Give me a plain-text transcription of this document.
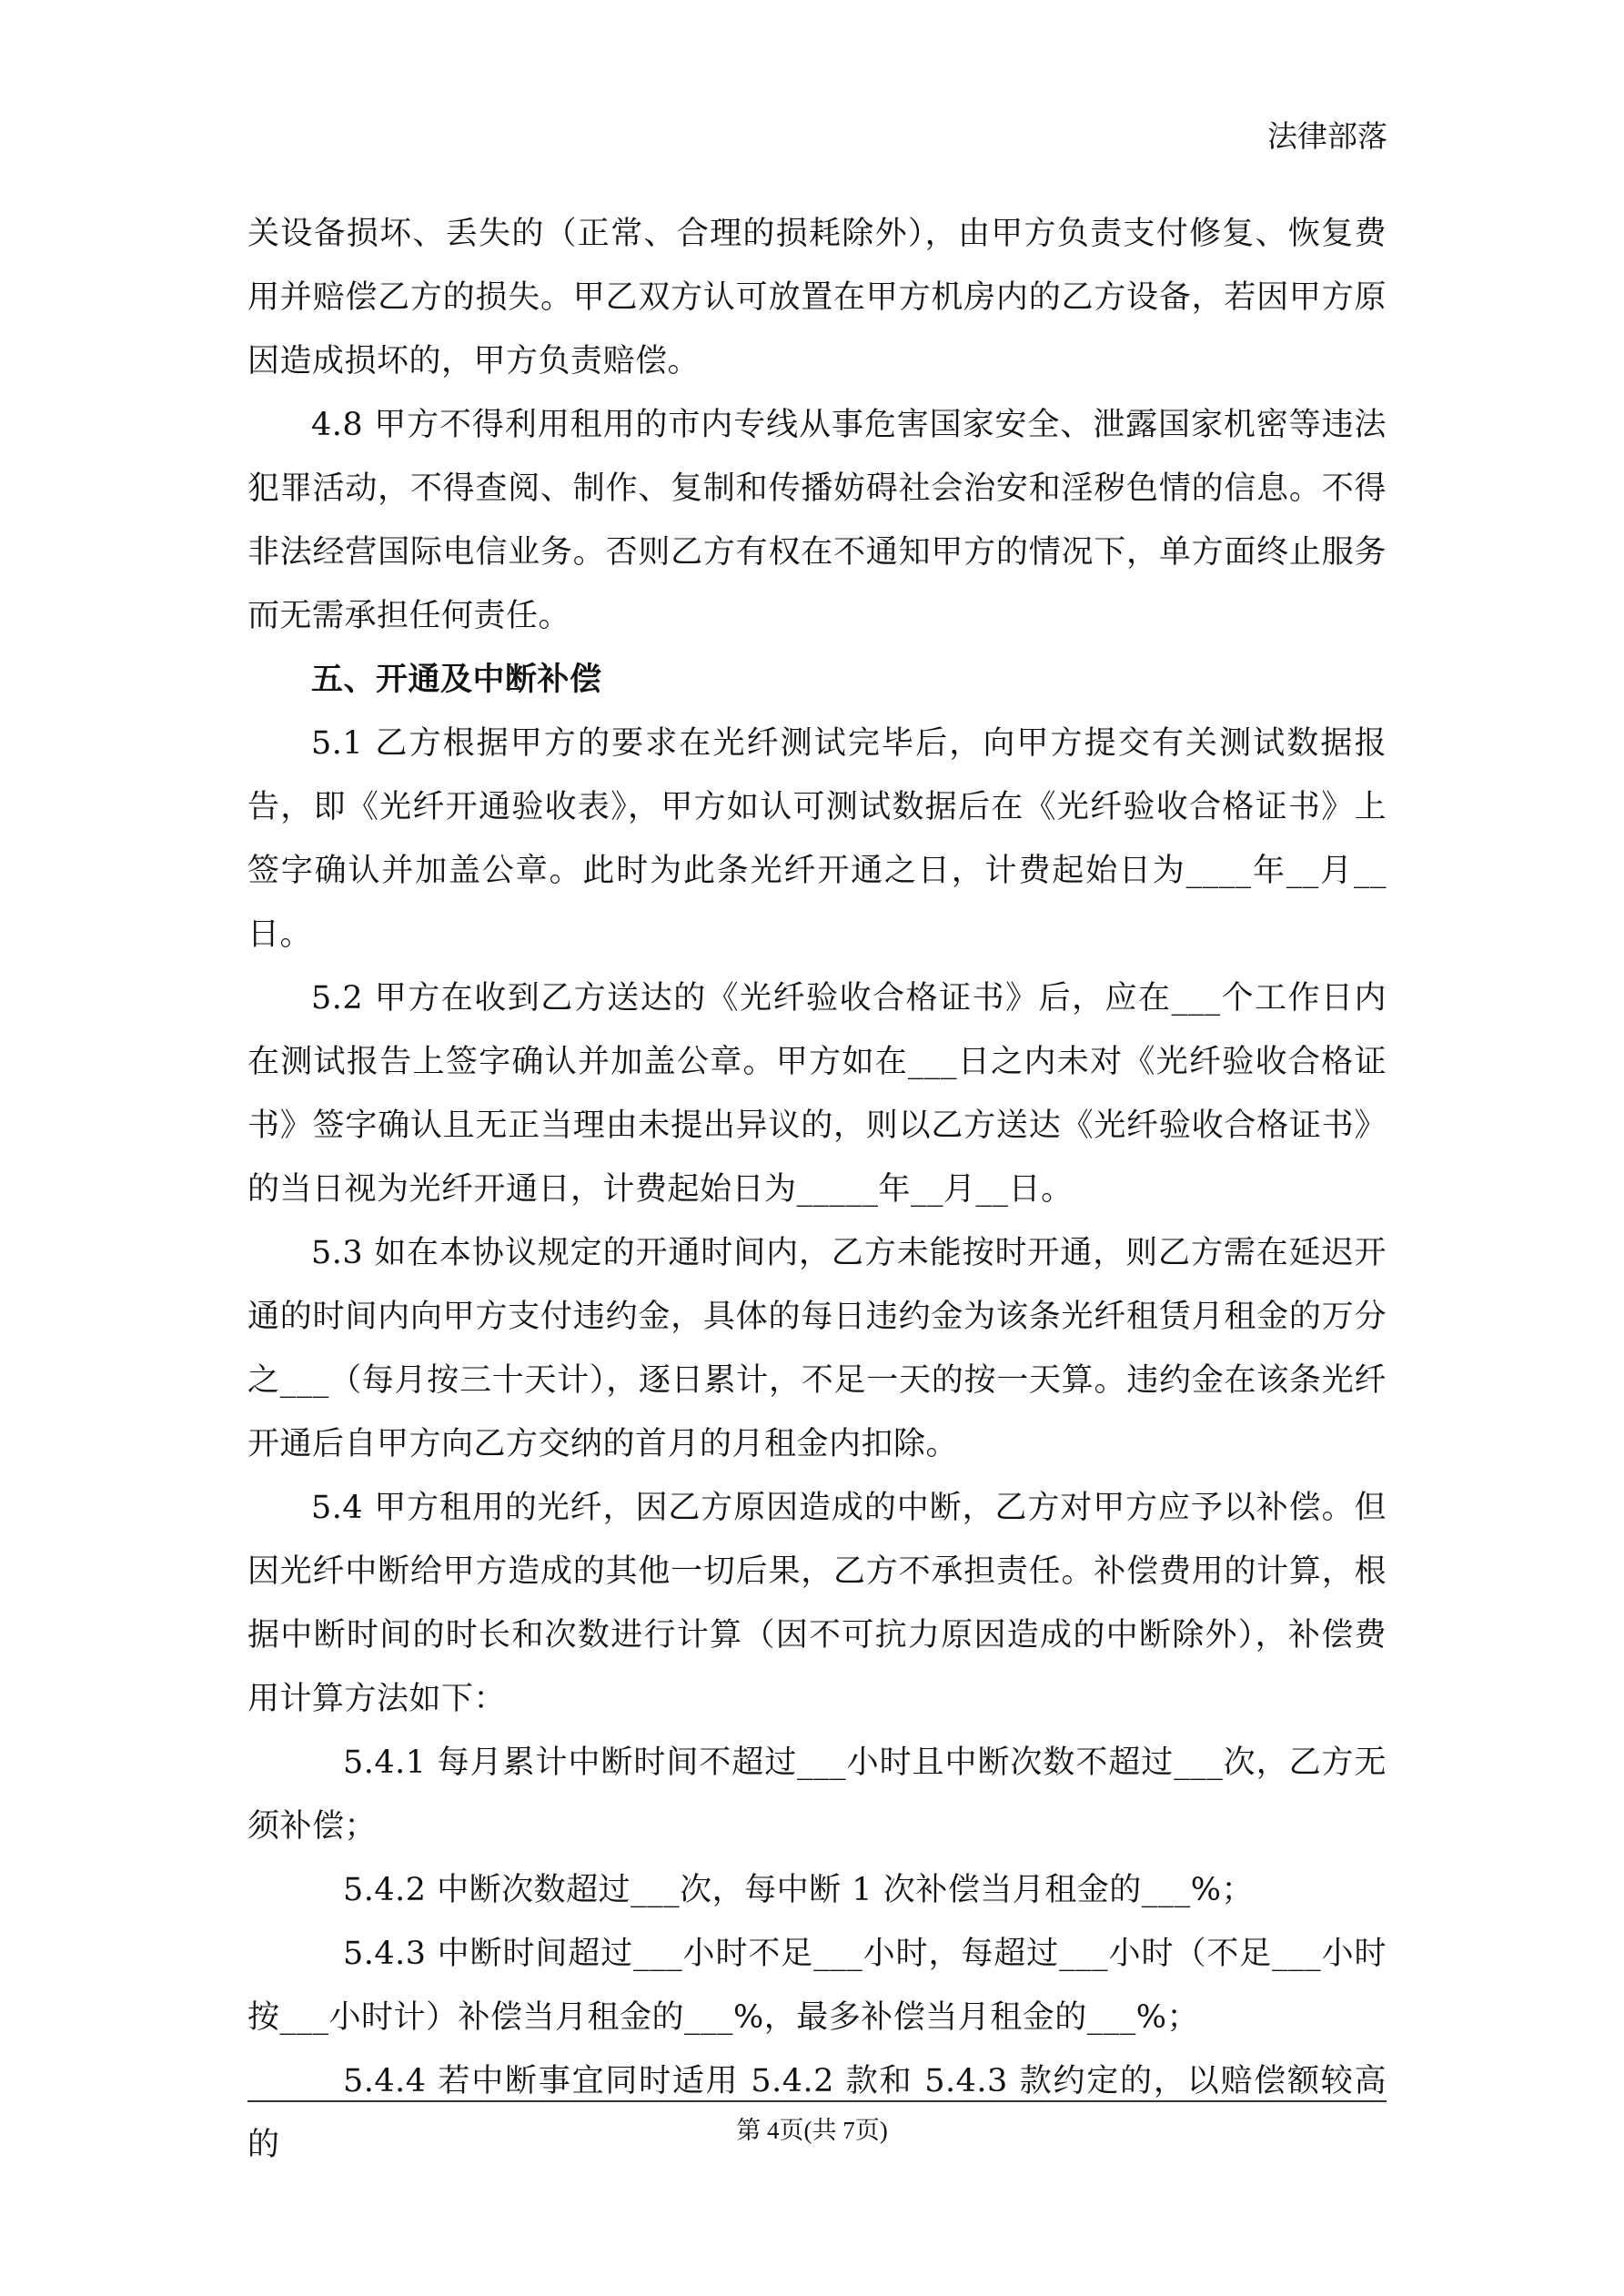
法律部落

关设备损坏、丢失的（正常、合理的损耗除外），由甲方负责支付修复、恢复费用并赔偿乙方的损失。甲乙双方认可放置在甲方机房内的乙方设备，若因甲方原因造成损坏的，甲方负责赔偿。

4.8 甲方不得利用租用的市内专线从事危害国家安全、泄露国家机密等违法犯罪活动，不得查阅、制作、复制和传播妨碍社会治安和淫秽色情的信息。不得非法经营国际电信业务。否则乙方有权在不通知甲方的情况下，单方面终止服务而无需承担任何责任。

五、开通及中断补偿

5.1 乙方根据甲方的要求在光纤测试完毕后，向甲方提交有关测试数据报告，即《光纤开通验收表》，甲方如认可测试数据后在《光纤验收合格证书》上签字确认并加盖公章。此时为此条光纤开通之日，计费起始日为____年__月__日。

5.2 甲方在收到乙方送达的《光纤验收合格证书》后，应在___个工作日内在测试报告上签字确认并加盖公章。甲方如在___日之内未对《光纤验收合格证书》签字确认且无正当理由未提出异议的，则以乙方送达《光纤验收合格证书》的当日视为光纤开通日，计费起始日为_____年__月__日。

5.3 如在本协议规定的开通时间内，乙方未能按时开通，则乙方需在延迟开通的时间内向甲方支付违约金，具体的每日违约金为该条光纤租赁月租金的万分之___（每月按三十天计），逐日累计，不足一天的按一天算。违约金在该条光纤开通后自甲方向乙方交纳的首月的月租金内扣除。

5.4 甲方租用的光纤，因乙方原因造成的中断，乙方对甲方应予以补偿。但因光纤中断给甲方造成的其他一切后果，乙方不承担责任。补偿费用的计算，根据中断时间的时长和次数进行计算（因不可抗力原因造成的中断除外），补偿费用计算方法如下：

5.4.1 每月累计中断时间不超过___小时且中断次数不超过___次，乙方无须补偿；

5.4.2 中断次数超过___次，每中断 1 次补偿当月租金的___%；

5.4.3 中断时间超过___小时不足___小时，每超过___小时（不足___小时按___小时计）补偿当月租金的___%，最多补偿当月租金的___%；

5.4.4 若中断事宜同时适用 5.4.2 款和 5.4.3 款约定的，以赔偿额较高的	第 4页(共 7页)
